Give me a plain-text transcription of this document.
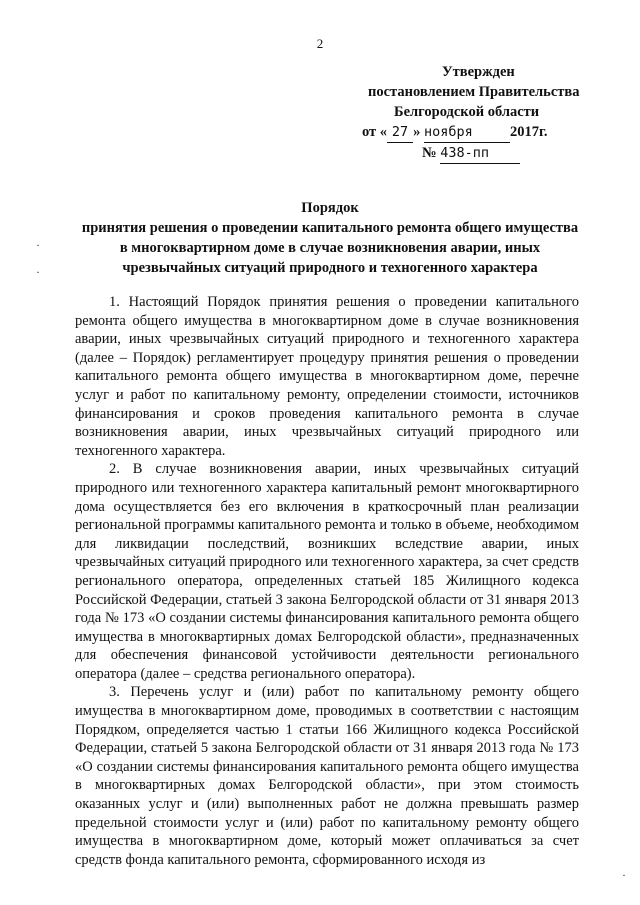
2
Утвержден
постановлением Правительства
Белгородской области
от « 27 » ноября	2017г.
№ 438-пп
Порядок
принятия решения о проведении капитального ремонта общего имущества
в многоквартирном доме в случае возникновения аварии, иных
чрезвычайных ситуаций природного и техногенного характера

1. Настоящий Порядок принятия решения о проведении капитального ремонта общего имущества в многоквартирном доме в случае возникновения аварии, иных чрезвычайных ситуаций природного и техногенного характера (далее – Порядок) регламентирует процедуру принятия решения о проведении капитального ремонта общего имущества в многоквартирном доме, перечне услуг и работ по капитальному ремонту, определении стоимости, источников финансирования и сроков проведения капитального ремонта в случае возникновения аварии, иных чрезвычайных ситуаций природного или техногенного характера.

2. В случае возникновения аварии, иных чрезвычайных ситуаций природного или техногенного характера капитальный ремонт многоквартирного дома осуществляется без его включения в краткосрочный план реализации региональной программы капитального ремонта и только в объеме, необходимом для ликвидации последствий, возникших вследствие аварии, иных чрезвычайных ситуаций природного или техногенного характера, за счет средств регионального оператора, определенных статьей 185 Жилищного кодекса Российской Федерации, статьей 3 закона Белгородской области от 31 января 2013 года № 173 «О создании системы финансирования капитального ремонта общего имущества в многоквартирных домах Белгородской области», предназначенных для обеспечения финансовой устойчивости деятельности регионального оператора (далее – средства регионального оператора).

3. Перечень услуг и (или) работ по капитальному ремонту общего имущества в многоквартирном доме, проводимых в соответствии с настоящим Порядком, определяется частью 1 статьи 166 Жилищного кодекса Российской Федерации, статьей 5 закона Белгородской области от 31 января 2013 года № 173 «О создании системы финансирования капитального ремонта общего имущества в многоквартирных домах Белгородской области», при этом стоимость оказанных услуг и (или) выполненных работ не должна превышать размер предельной стоимости услуг и (или) работ по капитальному ремонту общего имущества в многоквартирном доме, который может оплачиваться за счет средств фонда капитального ремонта, сформированного исходя из

·
·
·
